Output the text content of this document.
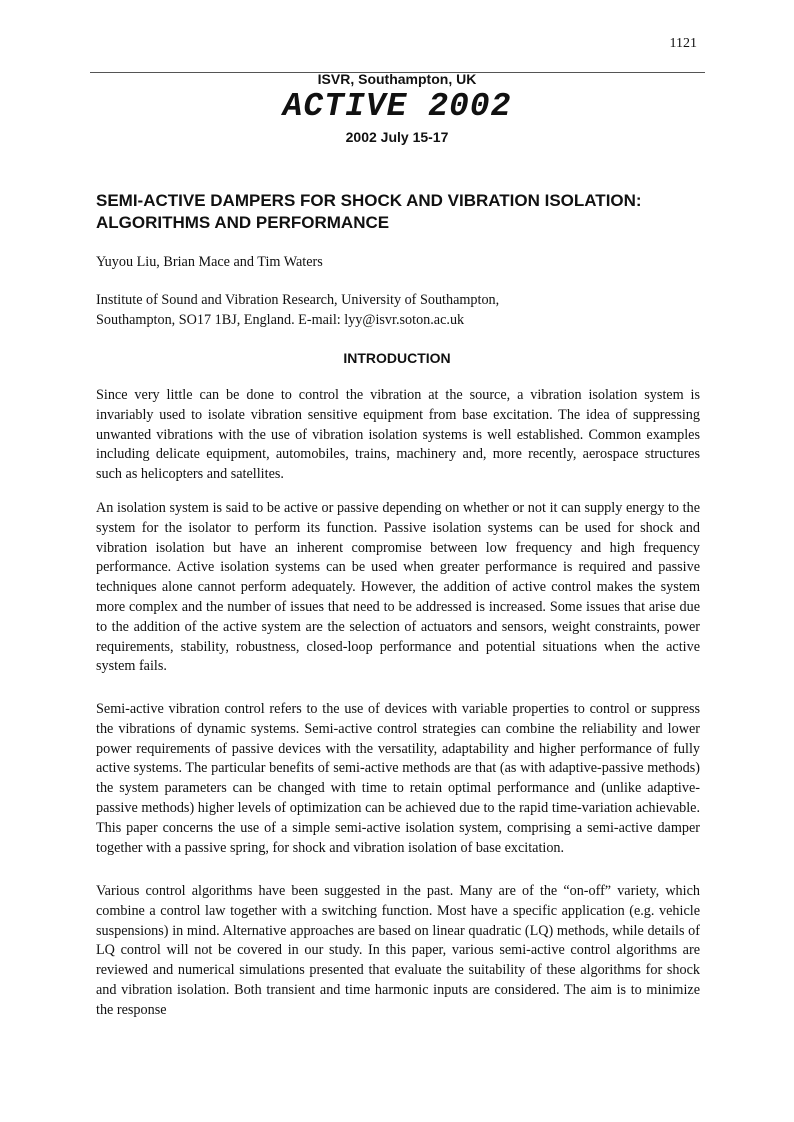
1121
ISVR, Southampton, UK
ACTIVE 2002
2002 July 15-17
SEMI-ACTIVE DAMPERS FOR SHOCK AND VIBRATION ISOLATION: ALGORITHMS AND PERFORMANCE
Yuyou Liu, Brian Mace and Tim Waters
Institute of Sound and Vibration Research, University of Southampton,
Southampton, SO17 1BJ, England. E-mail: lyy@isvr.soton.ac.uk
INTRODUCTION

Since very little can be done to control the vibration at the source, a vibration isolation system is invariably used to isolate vibration sensitive equipment from base excitation. The idea of suppressing unwanted vibrations with the use of vibration isolation systems is well established. Common examples including delicate equipment, automobiles, trains, machinery and, more recently, aerospace structures such as helicopters and satellites.

An isolation system is said to be active or passive depending on whether or not it can supply energy to the system for the isolator to perform its function. Passive isolation systems can be used for shock and vibration isolation but have an inherent compromise between low frequency and high frequency performance. Active isolation systems can be used when greater performance is required and passive techniques alone cannot perform adequately. However, the addition of active control makes the system more complex and the number of issues that need to be addressed is increased. Some issues that arise due to the addition of the active system are the selection of actuators and sensors, weight constraints, power requirements, stability, robustness, closed-loop performance and potential situations when the active system fails.

Semi-active vibration control refers to the use of devices with variable properties to control or suppress the vibrations of dynamic systems. Semi-active control strategies can combine the reliability and lower power requirements of passive devices with the versatility, adaptability and higher performance of fully active systems. The particular benefits of semi-active methods are that (as with adaptive-passive methods) the system parameters can be changed with time to retain optimal performance and (unlike adaptive-passive methods) higher levels of optimization can be achieved due to the rapid time-variation achievable. This paper concerns the use of a simple semi-active isolation system, comprising a semi-active damper together with a passive spring, for shock and vibration isolation of base excitation.

Various control algorithms have been suggested in the past. Many are of the “on-off” variety, which combine a control law together with a switching function. Most have a specific application (e.g. vehicle suspensions) in mind. Alternative approaches are based on linear quadratic (LQ) methods, while details of LQ control will not be covered in our study. In this paper, various semi-active control algorithms are reviewed and numerical simulations presented that evaluate the suitability of these algorithms for shock and vibration isolation. Both transient and time harmonic inputs are considered. The aim is to minimize the response
